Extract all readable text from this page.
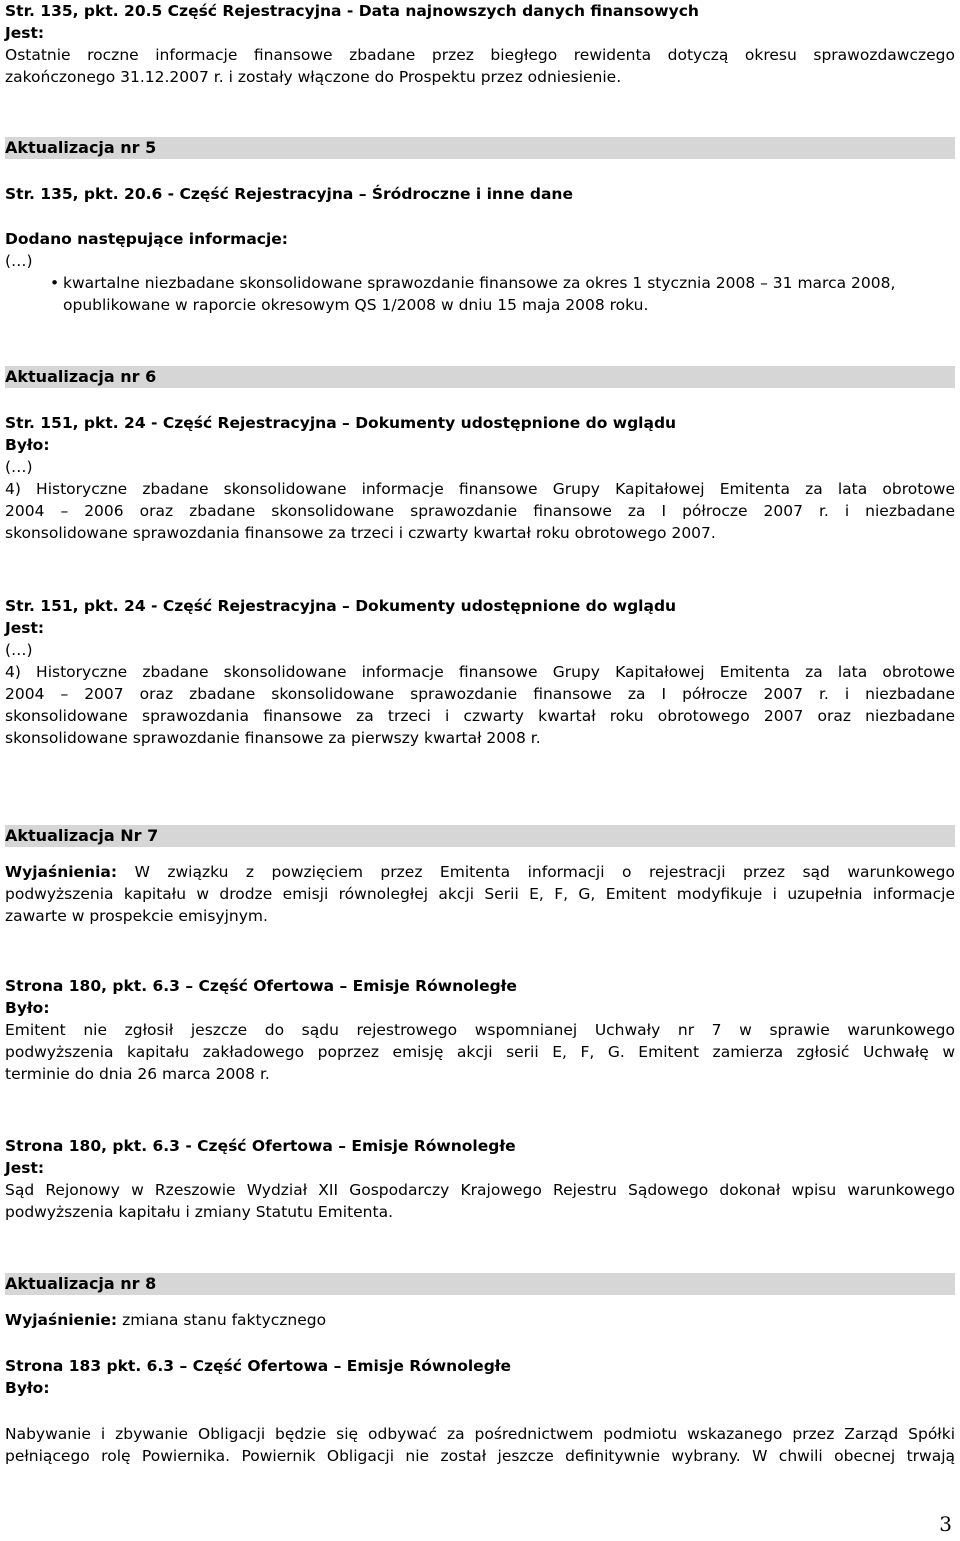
Str. 135, pkt. 20.5 Część Rejestracyjna - Data najnowszych danych finansowych
Jest:
Ostatnie roczne informacje finansowe zbadane przez biegłego rewidenta dotyczą okresu sprawozdawczego
zakończonego 31.12.2007 r. i zostały włączone do Prospektu przez odniesienie.
Aktualizacja nr 5
Str. 135, pkt. 20.6 - Część Rejestracyjna – Śródroczne i inne dane
Dodano następujące informacje:
(…)
• kwartalne niezbadane skonsolidowane sprawozdanie finansowe za okres 1 stycznia 2008 – 31 marca 2008,
opublikowane w raporcie okresowym QS 1/2008 w dniu 15 maja 2008 roku.
Aktualizacja nr 6
Str. 151, pkt. 24 - Część Rejestracyjna – Dokumenty udostępnione do wglądu
Było:
(…)
4) Historyczne zbadane skonsolidowane informacje finansowe Grupy Kapitałowej Emitenta za lata obrotowe
2004 – 2006 oraz zbadane skonsolidowane sprawozdanie finansowe za I półrocze 2007 r. i niezbadane
skonsolidowane sprawozdania finansowe za trzeci i czwarty kwartał roku obrotowego 2007.
Str. 151, pkt. 24 - Część Rejestracyjna – Dokumenty udostępnione do wglądu
Jest:
(…)
4) Historyczne zbadane skonsolidowane informacje finansowe Grupy Kapitałowej Emitenta za lata obrotowe
2004 – 2007 oraz zbadane skonsolidowane sprawozdanie finansowe za I półrocze 2007 r. i niezbadane
skonsolidowane sprawozdania finansowe za trzeci i czwarty kwartał roku obrotowego 2007 oraz niezbadane
skonsolidowane sprawozdanie finansowe za pierwszy kwartał 2008 r.
Aktualizacja Nr 7
Wyjaśnienia: W związku z powzięciem przez Emitenta informacji o rejestracji przez sąd warunkowego
podwyższenia kapitału w drodze emisji równoległej akcji Serii E, F, G, Emitent modyfikuje i uzupełnia informacje
zawarte w prospekcie emisyjnym.
Strona 180, pkt. 6.3 – Część Ofertowa – Emisje Równoległe
Było:
Emitent nie zgłosił jeszcze do sądu rejestrowego wspomnianej Uchwały nr 7 w sprawie warunkowego
podwyższenia kapitału zakładowego poprzez emisję akcji serii E, F, G. Emitent zamierza zgłosić Uchwałę w
terminie do dnia 26 marca 2008 r.
Strona 180, pkt. 6.3 - Część Ofertowa – Emisje Równoległe
Jest:
Sąd Rejonowy w Rzeszowie Wydział XII Gospodarczy Krajowego Rejestru Sądowego dokonał wpisu warunkowego
podwyższenia kapitału i zmiany Statutu Emitenta.
Aktualizacja nr 8
Wyjaśnienie: zmiana stanu faktycznego
Strona 183 pkt. 6.3 – Część Ofertowa – Emisje Równoległe
Było:
Nabywanie i zbywanie Obligacji będzie się odbywać za pośrednictwem podmiotu wskazanego przez Zarząd Spółki
pełniącego rolę Powiernika. Powiernik Obligacji nie został jeszcze definitywnie wybrany. W chwili obecnej trwają
3
